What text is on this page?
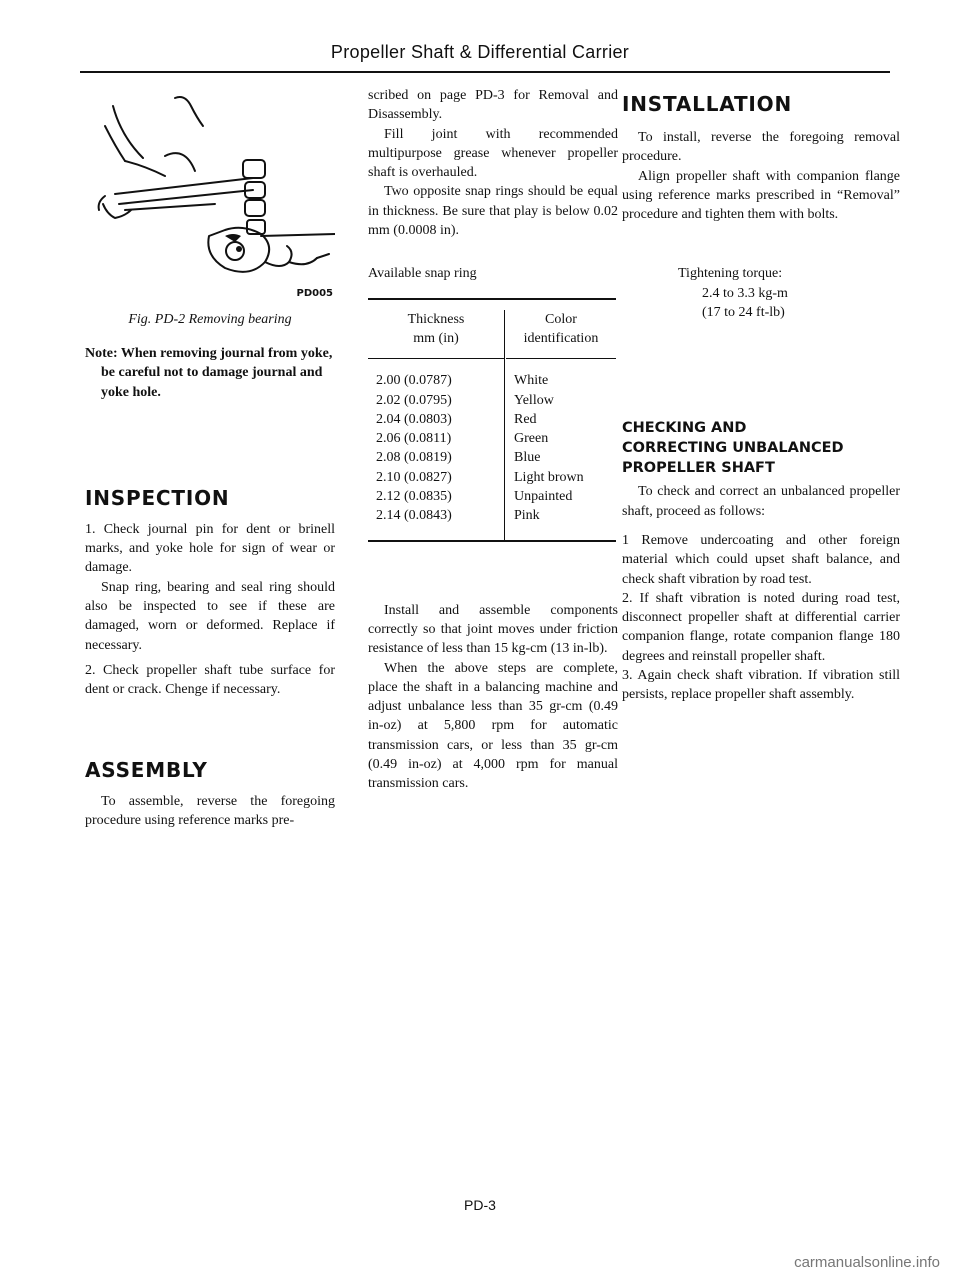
Propeller Shaft & Differential Carrier
PD005
Fig. PD-2 Removing bearing
Note: When removing journal from yoke, be careful not to damage journal and yoke hole.
INSPECTION

1. Check journal pin for dent or brinell marks, and yoke hole for sign of wear or damage.

Snap ring, bearing and seal ring should also be inspected to see if these are damaged, worn or deformed. Replace if necessary.

2. Check propeller shaft tube surface for dent or crack. Chenge if necessary.

ASSEMBLY

To assemble, reverse the foregoing procedure using reference marks pre-

scribed on page PD-3 for Removal and Disassembly.

Fill joint with recommended multipurpose grease whenever propeller shaft is overhauled.

Two opposite snap rings should be equal in thickness. Be sure that play is below 0.02 mm (0.0008 in).

Available snap ring

Thickness		Color
mm (in)		identification

2.00 (0.0787)		White
2.02 (0.0795)		Yellow
2.04 (0.0803)		Red
2.06 (0.0811)		Green
2.08 (0.0819)		Blue
2.10 (0.0827)		Light brown
2.12 (0.0835)		Unpainted
2.14 (0.0843)		Pink

Install and assemble components correctly so that joint moves under friction resistance of less than 15 kg-cm (13 in-lb).

When the above steps are complete, place the shaft in a balancing machine and adjust unbalance less than 35 gr-cm (0.49 in-oz) at 5,800 rpm for automatic transmission cars, or less than 35 gr-cm (0.49 in-oz) at 4,000 rpm for manual transmission cars.

INSTALLATION

To install, reverse the foregoing removal procedure.

Align propeller shaft with companion flange using reference marks prescribed in “Removal” procedure and tighten them with bolts.

Tightening torque:
2.4 to 3.3 kg-m
(17 to 24 ft-lb)
CHECKING AND
CORRECTING UNBALANCED
PROPELLER SHAFT

To check and correct an unbalanced propeller shaft, proceed as follows:

1 Remove undercoating and other foreign material which could upset shaft balance, and check shaft vibration by road test.

2. If shaft vibration is noted during road test, disconnect propeller shaft at differential carrier companion flange, rotate companion flange 180 degrees and reinstall propeller shaft.

3. Again check shaft vibration. If vibration still persists, replace propeller shaft assembly.

PD-3
carmanualsonline.info
